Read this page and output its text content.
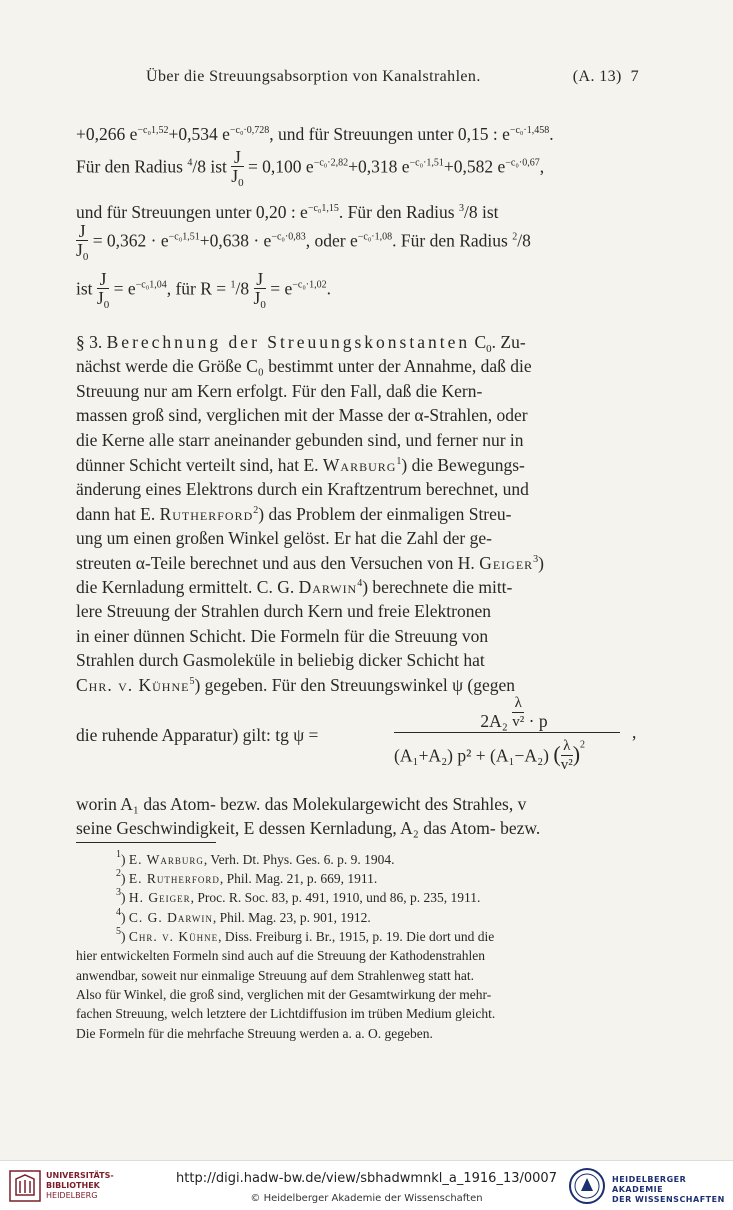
Über die Streuungsabsorption von Kanalstrahlen.	(A. 13) 7
+0,266 $e^{-c_01,52}+0,534$ $e^{-c_0\cdot 0,728}$, und für Streuungen unter 0,15 : $e^{-c_0\cdot 1,458}$.
Für den Radius $^4$/8 ist $\frac{J}{J_0} = 0,100$ $e^{-c_0\cdot 2,82}+0,318$ $e^{-c_0\cdot 1,51}+0,582$ $e^{-c_0\cdot 0,67}$,
und für Streuungen unter 0,20 : $e^{-c_01,15}$. Für den Radius $^3$/8 ist
$\frac{J}{J_0} = 0,362 \cdot e^{-c_01,51}+0,638 \cdot e^{-c_0\cdot 0,83}$, oder $e^{-c_0\cdot 1,08}$. Für den Radius $^2$/8
ist $\frac{J}{J_0} = e^{-c_01,04}$, für $R = ^1/8 \frac{J}{J_0} = e^{-c_0\cdot 1,02}$.
§ 3. Berechnung der Streuungskonstanten $C_0$. Zu-
nächst werde die Größe C₀ bestimmt unter der Annahme, daß die
Streuung nur am Kern erfolgt. Für den Fall, daß die Kern-
massen groß sind, verglichen mit der Masse der α-Strahlen, oder
die Kerne alle starr aneinander gebunden sind, und ferner nur in
dünner Schicht verteilt sind, hat E. Warburg$^1$) die Bewegungs-
änderung eines Elektrons durch ein Kraftzentrum berechnet, und
dann hat E. Rutherford$^2$) das Problem der einmaligen Streu-
ung um einen großen Winkel gelöst. Er hat die Zahl der ge-
streuten α-Teile berechnet und aus den Versuchen von H. Geiger$^3$)
die Kernladung ermittelt. C. G. Darwin$^4$) berechnete die mitt-
lere Streuung der Strahlen durch Kern und freie Elektronen
in einer dünnen Schicht. Die Formeln für die Streuung von
Strahlen durch Gasmoleküle in beliebig dicker Schicht hat
Chr. v. Kühne$^5$) gegeben. Für den Streuungswinkel ψ (gegen
die ruhende Apparatur) gilt: tg ψ =
$2A_2 \frac{\lambda}{\text{v²}} \cdot p$
(A₁+A₂) p² + (A₁−A₂) ( $\frac{\lambda}{\text{v²}} )^2$
,
worin A₁ das Atom- bezw. das Molekulargewicht des Strahles, v
seine Geschwindigkeit, E dessen Kernladung, A₂ das Atom- bezw.
$^1$) E. Warburg, Verh. Dt. Phys. Ges. 6. p. 9. 1904.
$^2$) E. Rutherford, Phil. Mag. 21, p. 669, 1911.
$^3$) H. Geiger, Proc. R. Soc. 83, p. 491, 1910, und 86, p. 235, 1911.
$^4$) C. G. Darwin, Phil. Mag. 23, p. 901, 1912.
$^5$) Chr. v. Kühne, Diss. Freiburg i. Br., 1915, p. 19. Die dort und die
hier entwickelten Formeln sind auch auf die Streuung der Kathodenstrahlen
anwendbar, soweit nur einmalige Streuung auf dem Strahlenweg statt hat.
Also für Winkel, die groß sind, verglichen mit der Gesamtwirkung der mehr-
fachen Streuung, welch letztere der Lichtdiffusion im trüben Medium gleicht.
Die Formeln für die mehrfache Streuung werden a. a. O. gegeben.
UNIVERSITÄTS-
BIBLIOTHEK
HEIDELBERG
http://digi.hadw-bw.de/view/sbhadwmnkl_a_1916_13/0007
© Heidelberger Akademie der Wissenschaften
HEIDELBERGER AKADEMIE
DER WISSENSCHAFTEN
